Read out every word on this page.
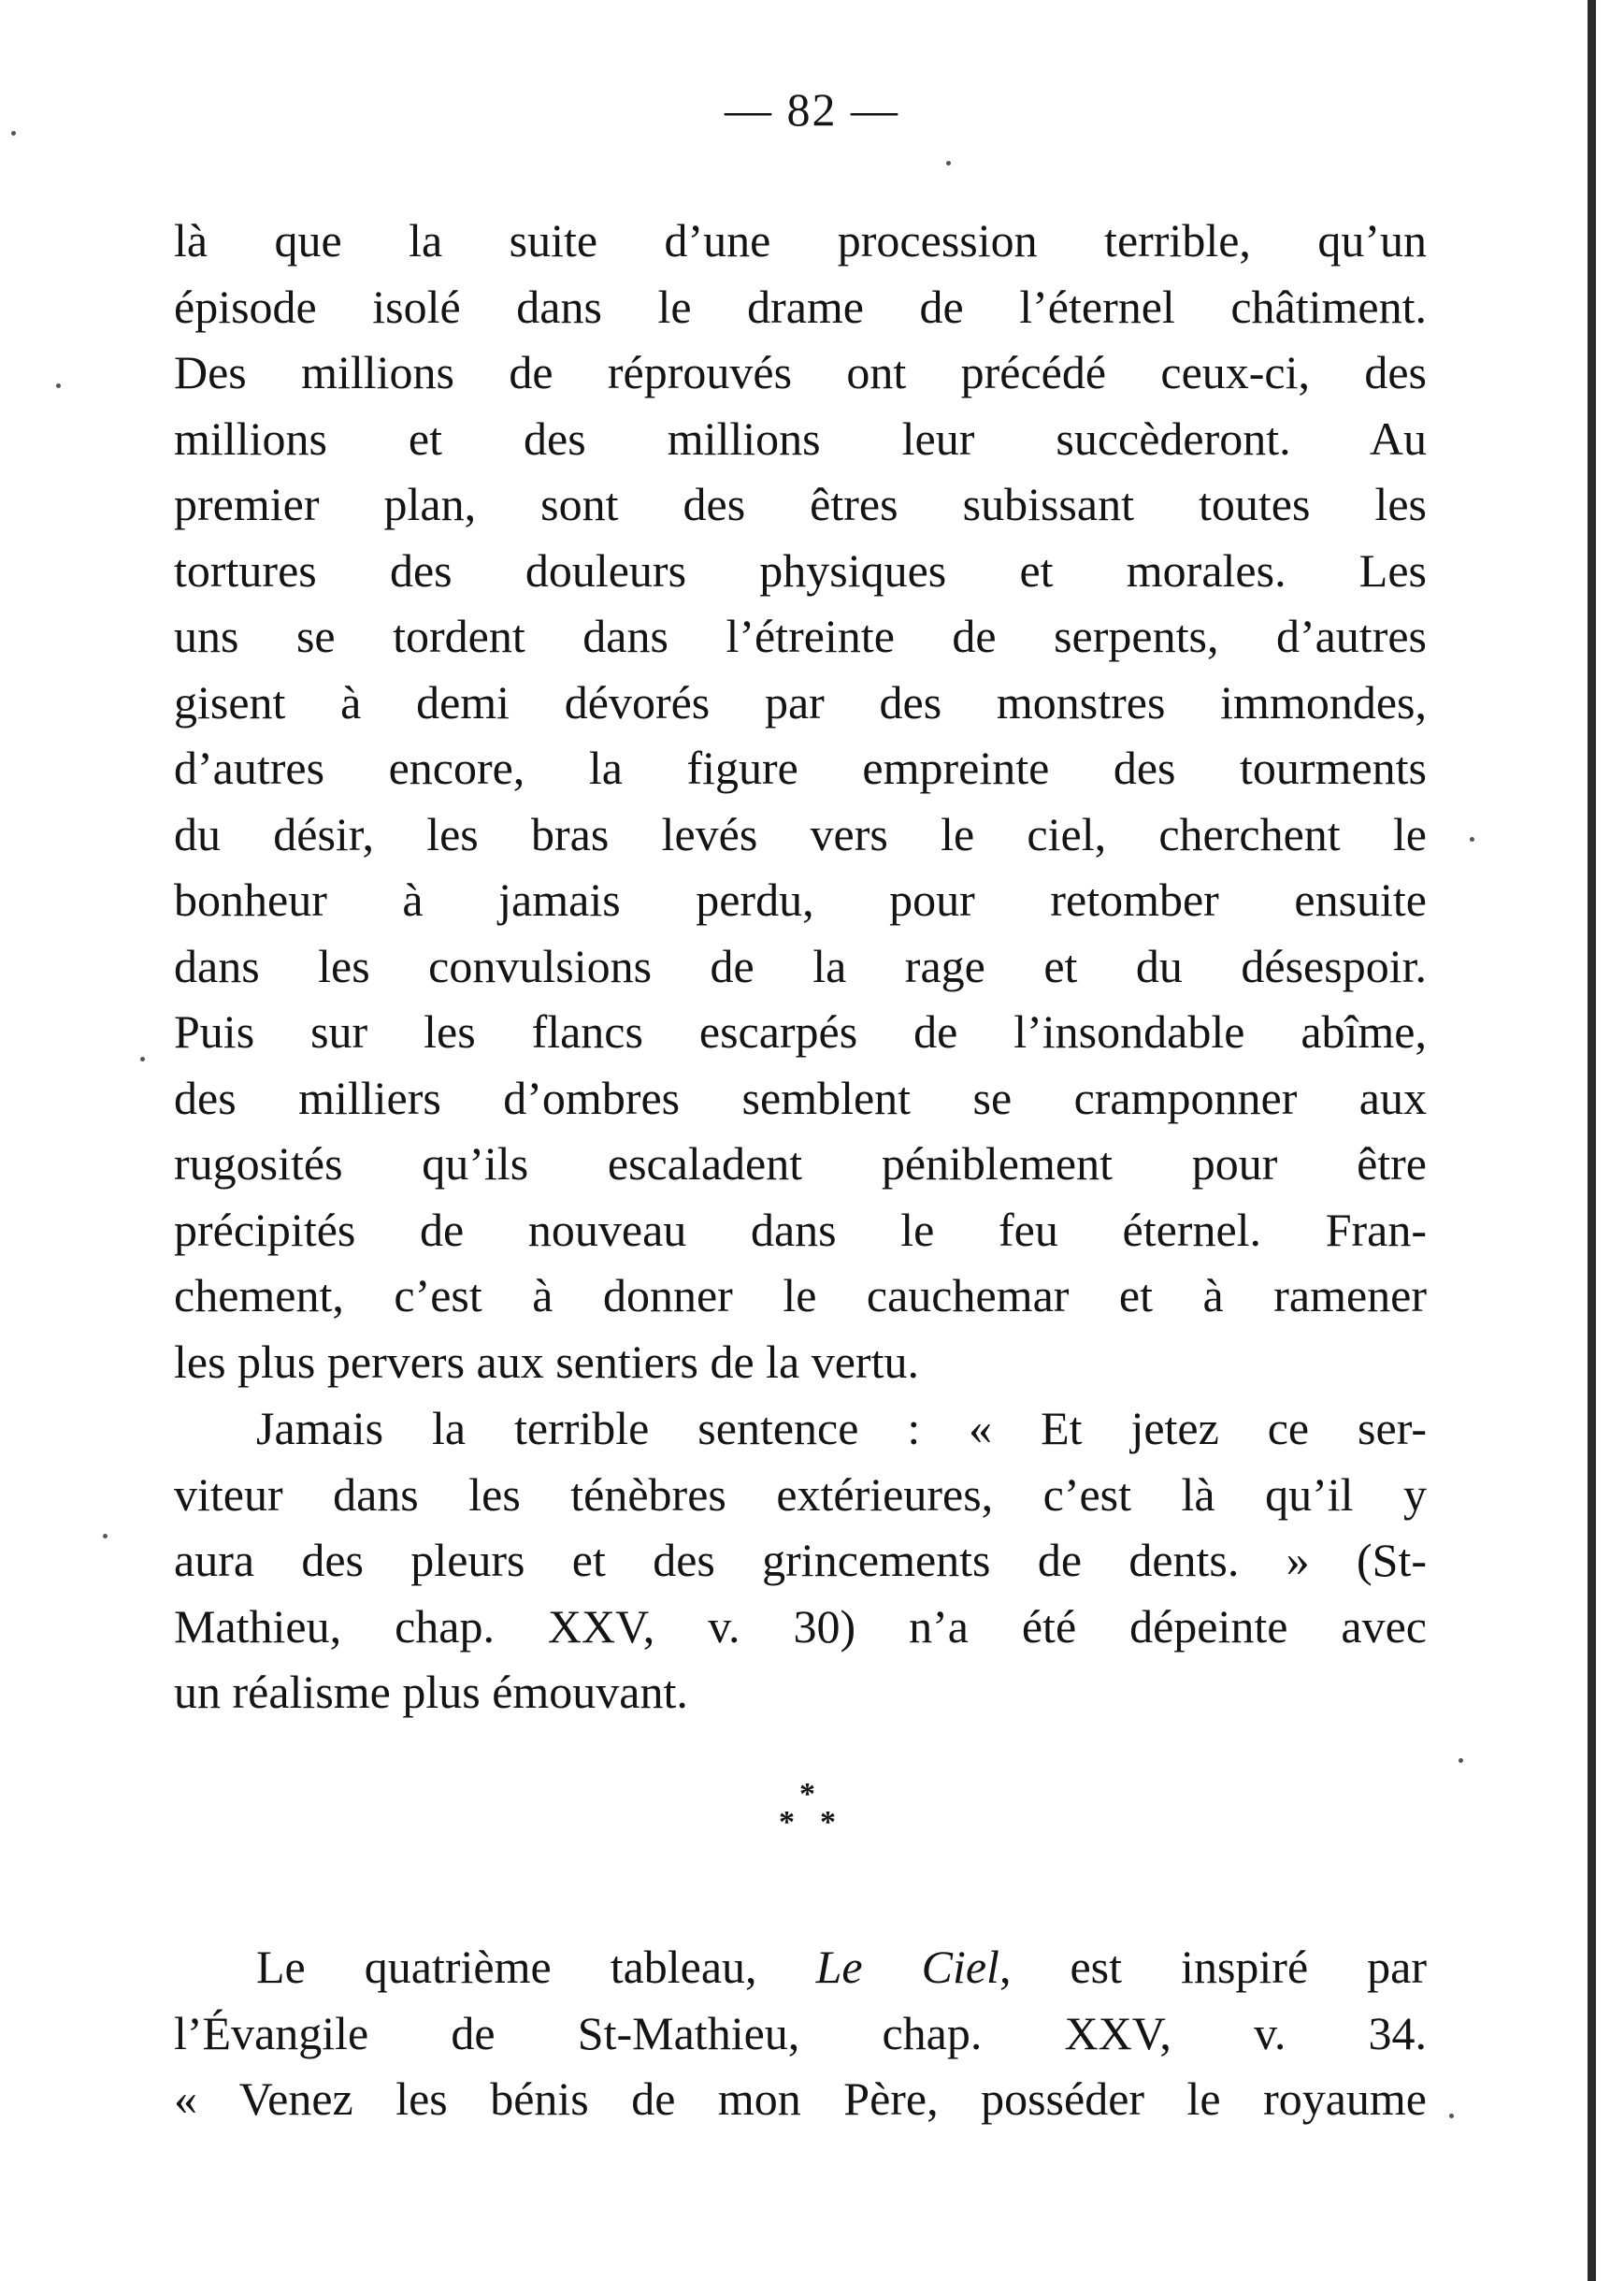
— 82 —
là que la suite d’une procession terrible, qu’un
épisode isolé dans le drame de l’éternel châtiment.
Des millions de réprouvés ont précédé ceux-ci, des
millions et des millions leur succèderont. Au
premier plan, sont des êtres subissant toutes les
tortures des douleurs physiques et morales. Les
uns se tordent dans l’étreinte de serpents, d’autres
gisent à demi dévorés par des monstres immondes,
d’autres encore, la figure empreinte des tourments
du désir, les bras levés vers le ciel, cherchent le
bonheur à jamais perdu, pour retomber ensuite
dans les convulsions de la rage et du désespoir.
Puis sur les flancs escarpés de l’insondable abîme,
des milliers d’ombres semblent se cramponner aux
rugosités qu’ils escaladent péniblement pour être
précipités de nouveau dans le feu éternel. Fran-
chement, c’est à donner le cauchemar et à ramener
les plus pervers aux sentiers de la vertu.
Jamais la terrible sentence : « Et jetez ce ser-
viteur dans les ténèbres extérieures, c’est là qu’il y
aura des pleurs et des grincements de dents. » (St-
Mathieu, chap. XXV, v. 30) n’a été dépeinte avec
un réalisme plus émouvant.
*
* *
Le quatrième tableau, Le Ciel, est inspiré par
l’Évangile de St-Mathieu, chap. XXV, v. 34.
« Venez les bénis de mon Père, posséder le royaume
